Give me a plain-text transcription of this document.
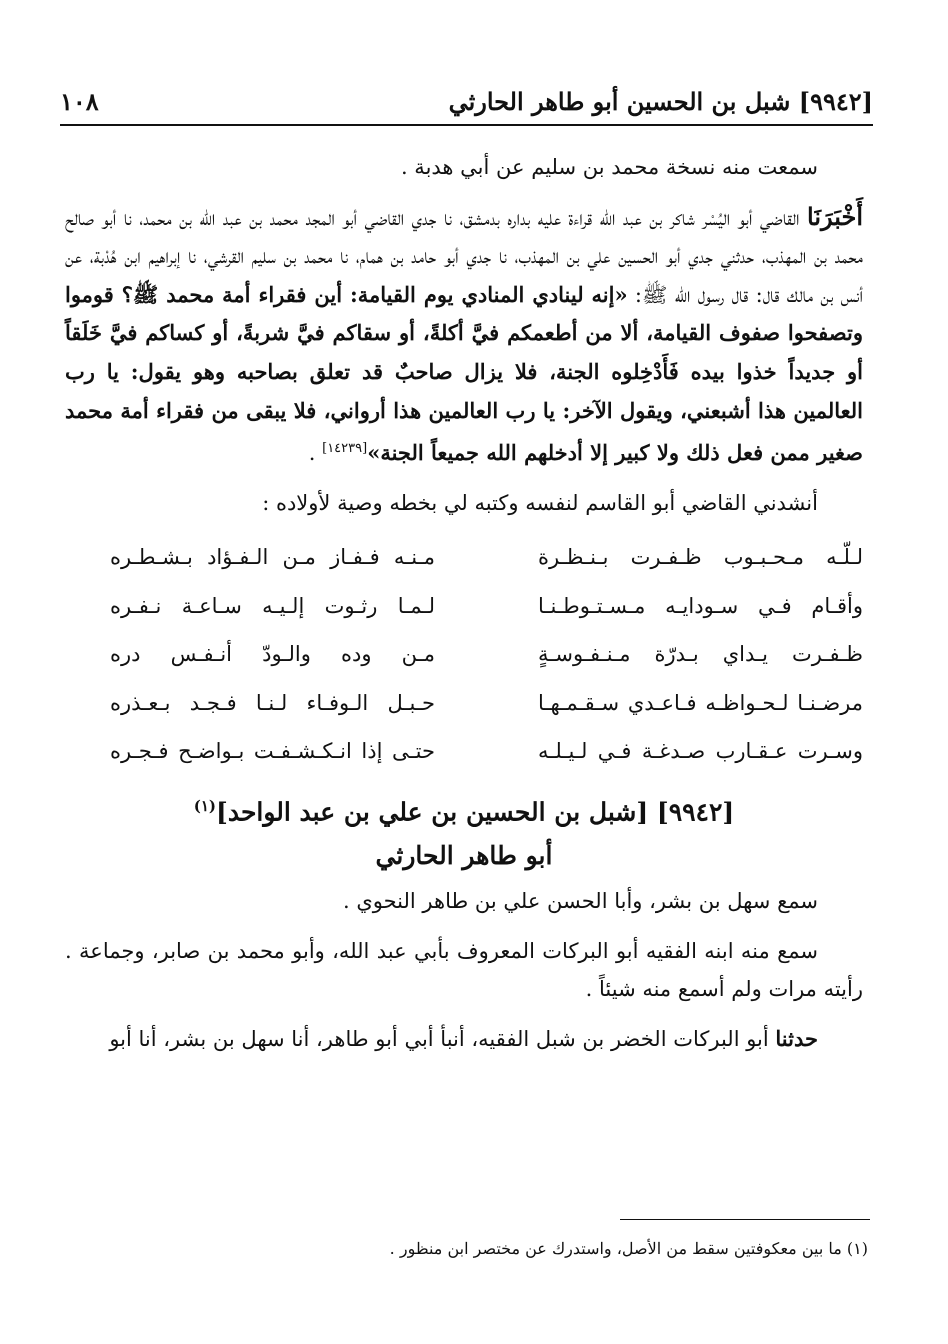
[٩٩٤٢] شبل بن الحسين أبو طاهر الحارثي
١٠٨

سمعت منه نسخة محمد بن سليم عن أبي هدبة .

أَخْبَرَنَا القاضي أبو اليُسْر شاكر بن عبد الله قراءة عليه بداره بدمشق، نا جدي القاضي أبو المجد محمد بن عبد الله بن محمد، نا أبو صالح محمد بن المهذب، حدثني جدي أبو الحسين علي بن المهذب، نا جدي أبو حامد بن همام، نا محمد بن سليم القرشي، نا إبراهيم ابن هُدْبة، عن أنس بن مالك قال: قال رسول الله ﷺ: «إنه لينادي المنادي يوم القيامة: أين فقراء أمة محمد ﷺ؟ قوموا وتصفحوا صفوف القيامة، ألا من أطعمكم فيَّ أكلةً، أو سقاكم فيَّ شربةً، أو كساكم فيَّ خَلَقاً أو جديداً خذوا بيده فَأَدْخِلوه الجنة، فلا يزال صاحبٌ قد تعلق بصاحبه وهو يقول: يا رب العالمين هذا أشبعني، ويقول الآخر: يا رب العالمين هذا أرواني، فلا يبقى من فقراء أمة محمد صغير ممن فعل ذلك ولا كبير إلا أدخلهم الله جميعاً الجنة»[١٤٢٣٩] .

أنشدني القاضي أبو القاسم لنفسه وكتبه لي بخطه وصية لأولاده :

لـلّـه مـحـبـوب ظـفـرت بـنـظـرة
مـنـه فـفـاز مـن الـفـؤاد بـشـطـره
وأقـام فـي سـودايـه مـسـتـوطـنـا
لـمـا رثـوت إلـيـه سـاعـة نـفـره
ظـفـرت يـداي بـدرّة مـنـفـوسـةٍ
مـن وده والـودّ أنـفـس دره
مرضـنـا لـحـواظـه فـاعـدي سـقـمـهـا
حـبـل الـوفـاء لـنـا فـجـد بـعـذره
وسـرت عـقـارب صـدغـة فـي لـيـلـه
حتـى إذا انـكـشـفـت بـواضـح فـجـره
[٩٩٤٢] [شبل بن الحسين بن علي بن عبد الواحد]$^{(١)}$
أبو طاهر الحارثي

سمع سهل بن بشر، وأبا الحسن علي بن طاهر النحوي .

سمع منه ابنه الفقيه أبو البركات المعروف بأبي عبد الله، وأبو محمد بن صابر، وجماعة . رأيته مرات ولم أسمع منه شيئاً .

حدثنا أبو البركات الخضر بن شبل الفقيه، أنبأ أبي أبو طاهر، أنا سهل بن بشر، أنا أبو

(١) ما بين معكوفتين سقط من الأصل، واستدرك عن مختصر ابن منظور .
